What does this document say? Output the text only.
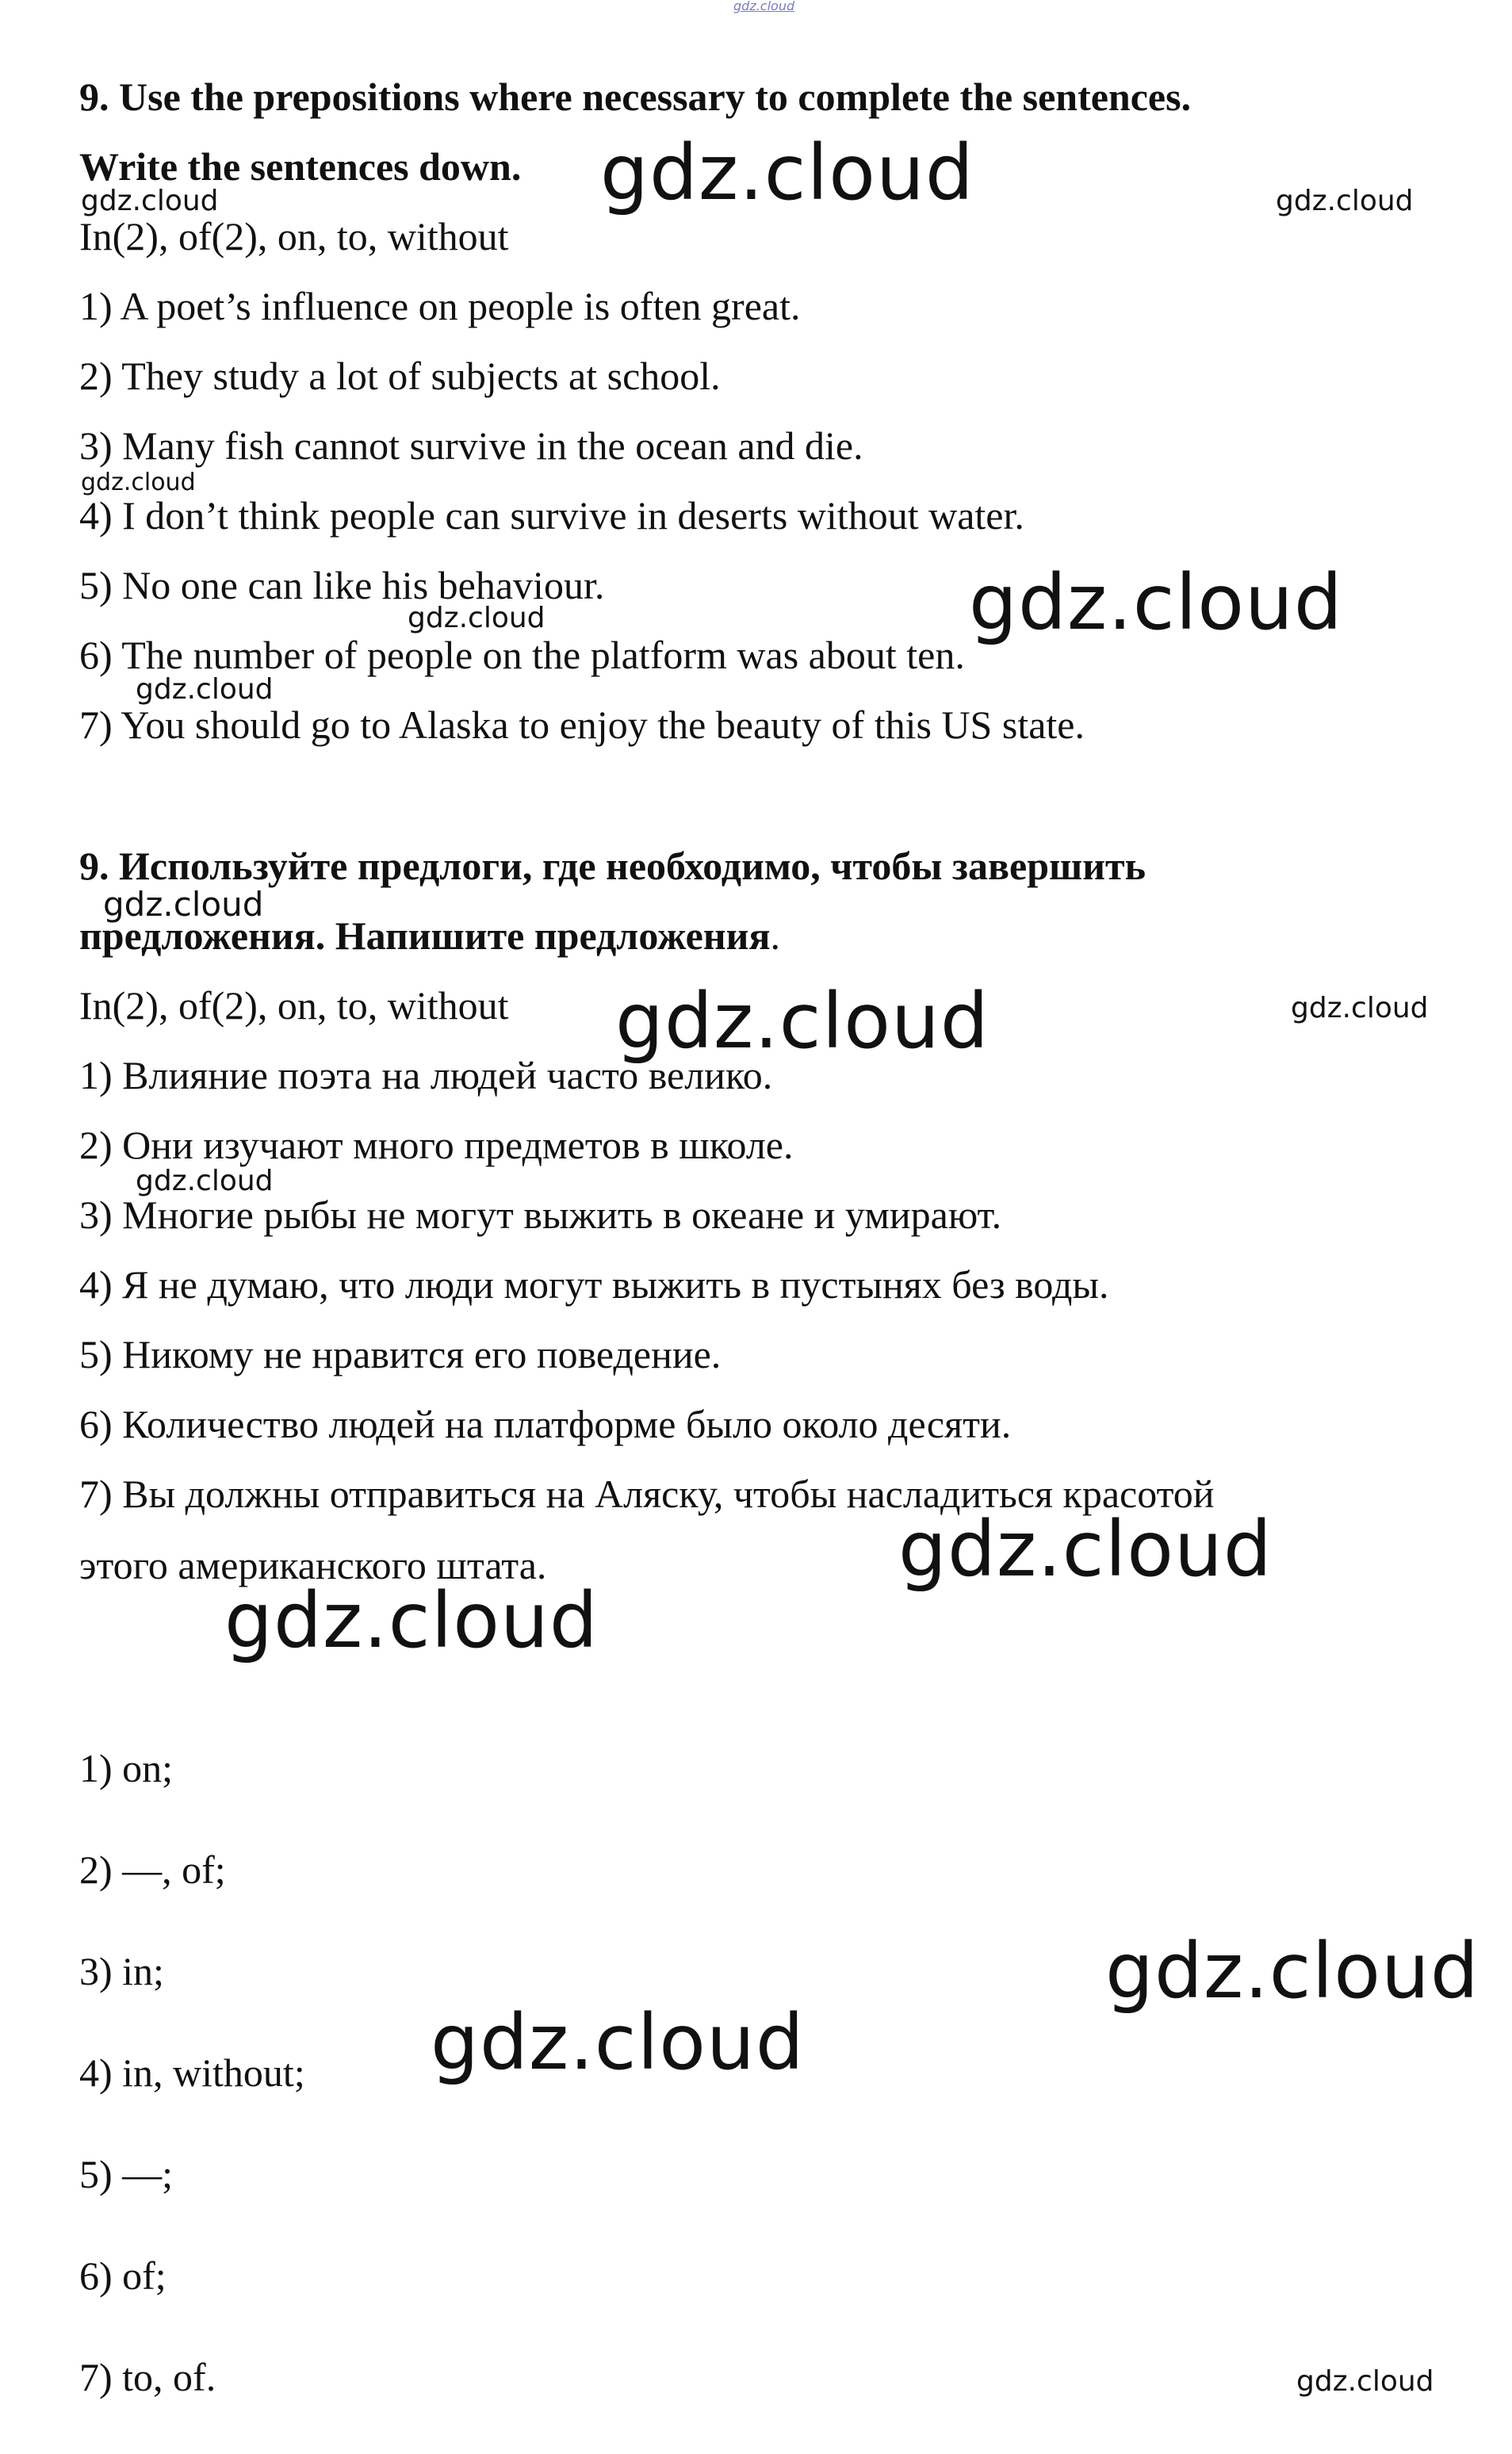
gdz.cloud
9. Use the prepositions where necessary to complete the sentences.
Write the sentences down.
In(2), of(2), on, to, without
1) A poet’s influence on people is often great.
2) They study a lot of subjects at school.
3) Many fish cannot survive in the ocean and die.
4) I don’t think people can survive in deserts without water.
5) No one can like his behaviour.
6) The number of people on the platform was about ten.
7) You should go to Alaska to enjoy the beauty of this US state.
9. Используйте предлоги, где необходимо, чтобы завершить
предложения. Напишите предложения.
In(2), of(2), on, to, without
1) Влияние поэта на людей часто велико.
2) Они изучают много предметов в школе.
3) Многие рыбы не могут выжить в океане и умирают.
4) Я не думаю, что люди могут выжить в пустынях без воды.
5) Никому не нравится его поведение.
6) Количество людей на платформе было около десяти.
7) Вы должны отправиться на Аляску, чтобы насладиться красотой
этого американского штата.
1) on;
2) —, of;
3) in;
4) in, without;
5) —;
6) of;
7) to, of.
gdz.cloud
gdz.cloud
gdz.cloud
gdz.cloud
gdz.cloud
gdz.cloud
gdz.cloud
gdz.cloud	gdz.cloud
gdz.cloud
gdz.cloud
gdz.cloud
gdz.cloud
gdz.cloud
gdz.cloud
gdz.cloud
